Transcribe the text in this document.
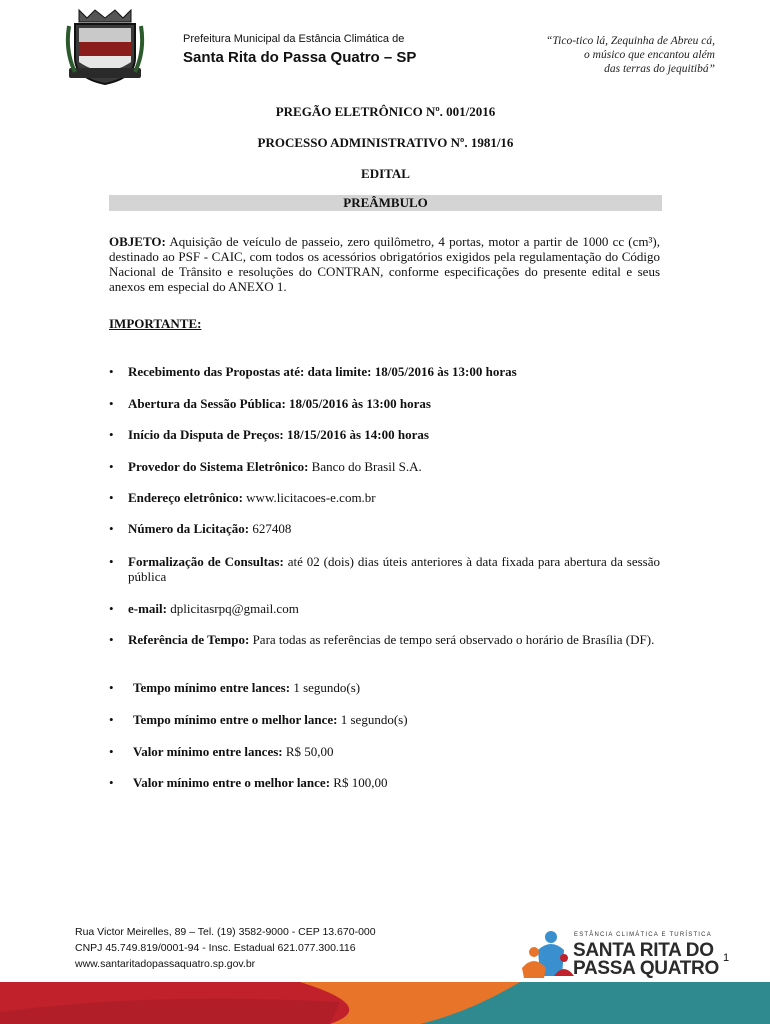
Prefeitura Municipal da Estância Climática de
Santa Rita do Passa Quatro – SP
“Tico-tico lá, Zequinha de Abreu cá,
o músico que encantou além
das terras do jequitibá”
PREGÃO ELETRÔNICO Nº. 001/2016
PROCESSO ADMINISTRATIVO Nº. 1981/16
EDITAL
PREÂMBULO
OBJETO: Aquisição de veículo de passeio, zero quilômetro, 4 portas, motor a partir de 1000 cc (cm³), destinado ao PSF - CAIC, com todos os acessórios obrigatórios exigidos pela regulamentação do Código Nacional de Trânsito e resoluções do CONTRAN, conforme especificações do presente edital e seus anexos em especial do ANEXO 1.
IMPORTANTE:
• Recebimento das Propostas até: data limite: 18/05/2016 às 13:00 horas
• Abertura da Sessão Pública: 18/05/2016 às 13:00 horas
• Início da Disputa de Preços: 18/15/2016 às 14:00 horas
• Provedor do Sistema Eletrônico: Banco do Brasil S.A.
• Endereço eletrônico: www.licitacoes-e.com.br
• Número da Licitação: 627408
• Formalização de Consultas: até 02 (dois) dias úteis anteriores à data fixada para abertura da sessão pública
• e-mail: dplicitasrpq@gmail.com
• Referência de Tempo: Para todas as referências de tempo será observado o horário de Brasília (DF).
• Tempo mínimo entre lances: 1 segundo(s)
• Tempo mínimo entre o melhor lance: 1 segundo(s)
• Valor mínimo entre lances: R$ 50,00
• Valor mínimo entre o melhor lance: R$ 100,00
Rua Victor Meirelles, 89 – Tel. (19) 3582-9000 - CEP 13.670-000
CNPJ 45.749.819/0001-94 - Insc. Estadual 621.077.300.116
www.santaritadopassaquatro.sp.gov.br
ESTÂNCIA CLIMÁTICA E TURÍSTICA
SANTA RITA DO
PASSA QUATRO 1
